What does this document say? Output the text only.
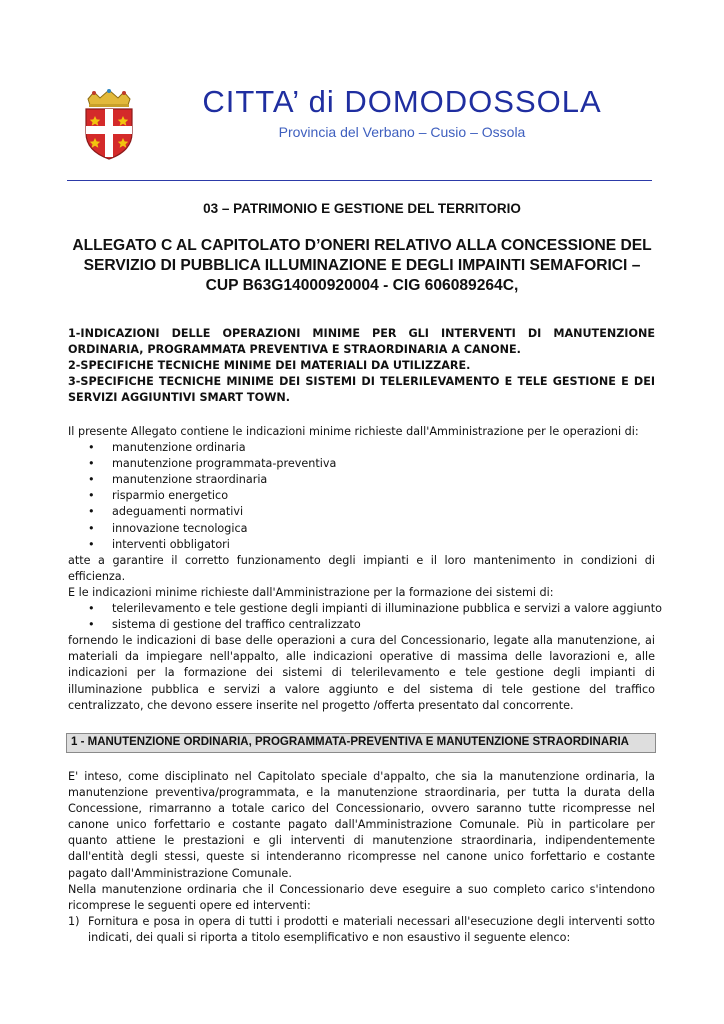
CITTA’ di DOMODOSSOLA
Provincia del Verbano – Cusio – Ossola
03 – PATRIMONIO E GESTIONE DEL TERRITORIO
ALLEGATO C AL CAPITOLATO D’ONERI RELATIVO ALLA CONCESSIONE DEL
SERVIZIO DI PUBBLICA ILLUMINAZIONE E DEGLI IMPAINTI SEMAFORICI –
CUP B63G14000920004 - CIG 606089264C,

1-INDICAZIONI DELLE OPERAZIONI MINIME PER GLI INTERVENTI DI MANUTENZIONE ORDINARIA, PROGRAMMATA PREVENTIVA E STRAORDINARIA A CANONE.

2-SPECIFICHE TECNICHE MINIME DEI MATERIALI DA UTILIZZARE.

3-SPECIFICHE TECNICHE MINIME DEI SISTEMI DI TELERILEVAMENTO E TELE GESTIONE E DEI SERVIZI AGGIUNTIVI SMART TOWN.

Il presente Allegato contiene le indicazioni minime richieste dall'Amministrazione per le operazioni di:

• manutenzione ordinaria
• manutenzione programmata-preventiva
• manutenzione straordinaria
• risparmio energetico
• adeguamenti normativi
• innovazione tecnologica
• interventi obbligatori

atte a garantire il corretto funzionamento degli impianti e il loro mantenimento in condizioni di efficienza.

E le indicazioni minime richieste dall'Amministrazione per la formazione dei sistemi di:

• telerilevamento e tele gestione degli impianti di illuminazione pubblica e servizi a valore aggiunto
• sistema di gestione del traffico centralizzato

fornendo le indicazioni di base delle operazioni a cura del Concessionario, legate alla manutenzione, ai materiali da impiegare nell'appalto, alle indicazioni operative di massima delle lavorazioni e, alle indicazioni per la formazione dei sistemi di telerilevamento e tele gestione degli impianti di illuminazione pubblica e servizi a valore aggiunto e del sistema di tele gestione del traffico centralizzato, che devono essere inserite nel progetto /offerta presentato dal concorrente.

1 - MANUTENZIONE ORDINARIA, PROGRAMMATA-PREVENTIVA E MANUTENZIONE STRAORDINARIA

E' inteso, come disciplinato nel Capitolato speciale d'appalto, che sia la manutenzione ordinaria, la manutenzione preventiva/programmata, e la manutenzione straordinaria, per tutta la durata della Concessione, rimarranno a totale carico del Concessionario, ovvero saranno tutte ricompresse nel canone unico forfettario e costante pagato dall'Amministrazione Comunale. Più in particolare per quanto attiene le prestazioni e gli interventi di manutenzione straordinaria, indipendentemente dall'entità degli stessi, queste si intenderanno ricompresse nel canone unico forfettario e costante pagato dall'Amministrazione Comunale.

Nella manutenzione ordinaria che il Concessionario deve eseguire a suo completo carico s'intendono ricomprese le seguenti opere ed interventi:

1) Fornitura e posa in opera di tutti i prodotti e materiali necessari all'esecuzione degli interventi sotto indicati, dei quali si riporta a titolo esemplificativo e non esaustivo il seguente elenco:
